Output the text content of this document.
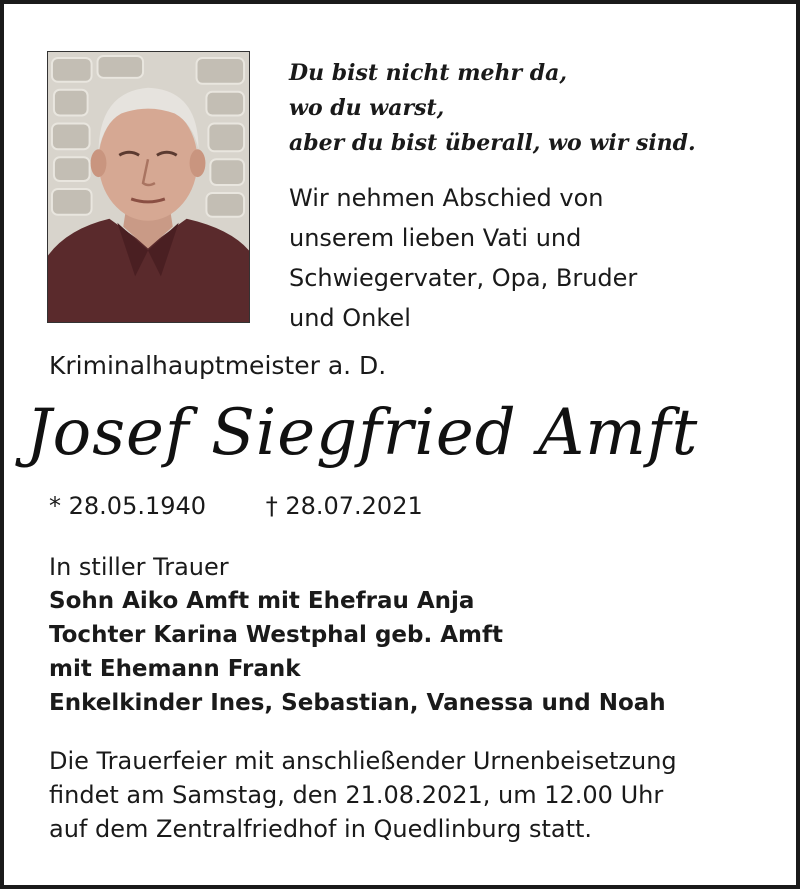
Du bist nicht mehr da,
wo du warst,
aber du bist überall, wo wir sind.
Wir nehmen Abschied von
unserem lieben Vati und
Schwiegervater, Opa, Bruder
und Onkel
Kriminalhauptmeister a. D.
Josef Siegfried Amft
* 28.05.1940 † 28.07.2021
In stiller Trauer
Sohn Aiko Amft mit Ehefrau Anja
Tochter Karina Westphal geb. Amft
mit Ehemann Frank
Enkelkinder Ines, Sebastian, Vanessa und Noah
Die Trauerfeier mit anschließender Urnenbeisetzung
findet am Samstag, den 21.08.2021, um 12.00 Uhr
auf dem Zentralfriedhof in Quedlinburg statt.
